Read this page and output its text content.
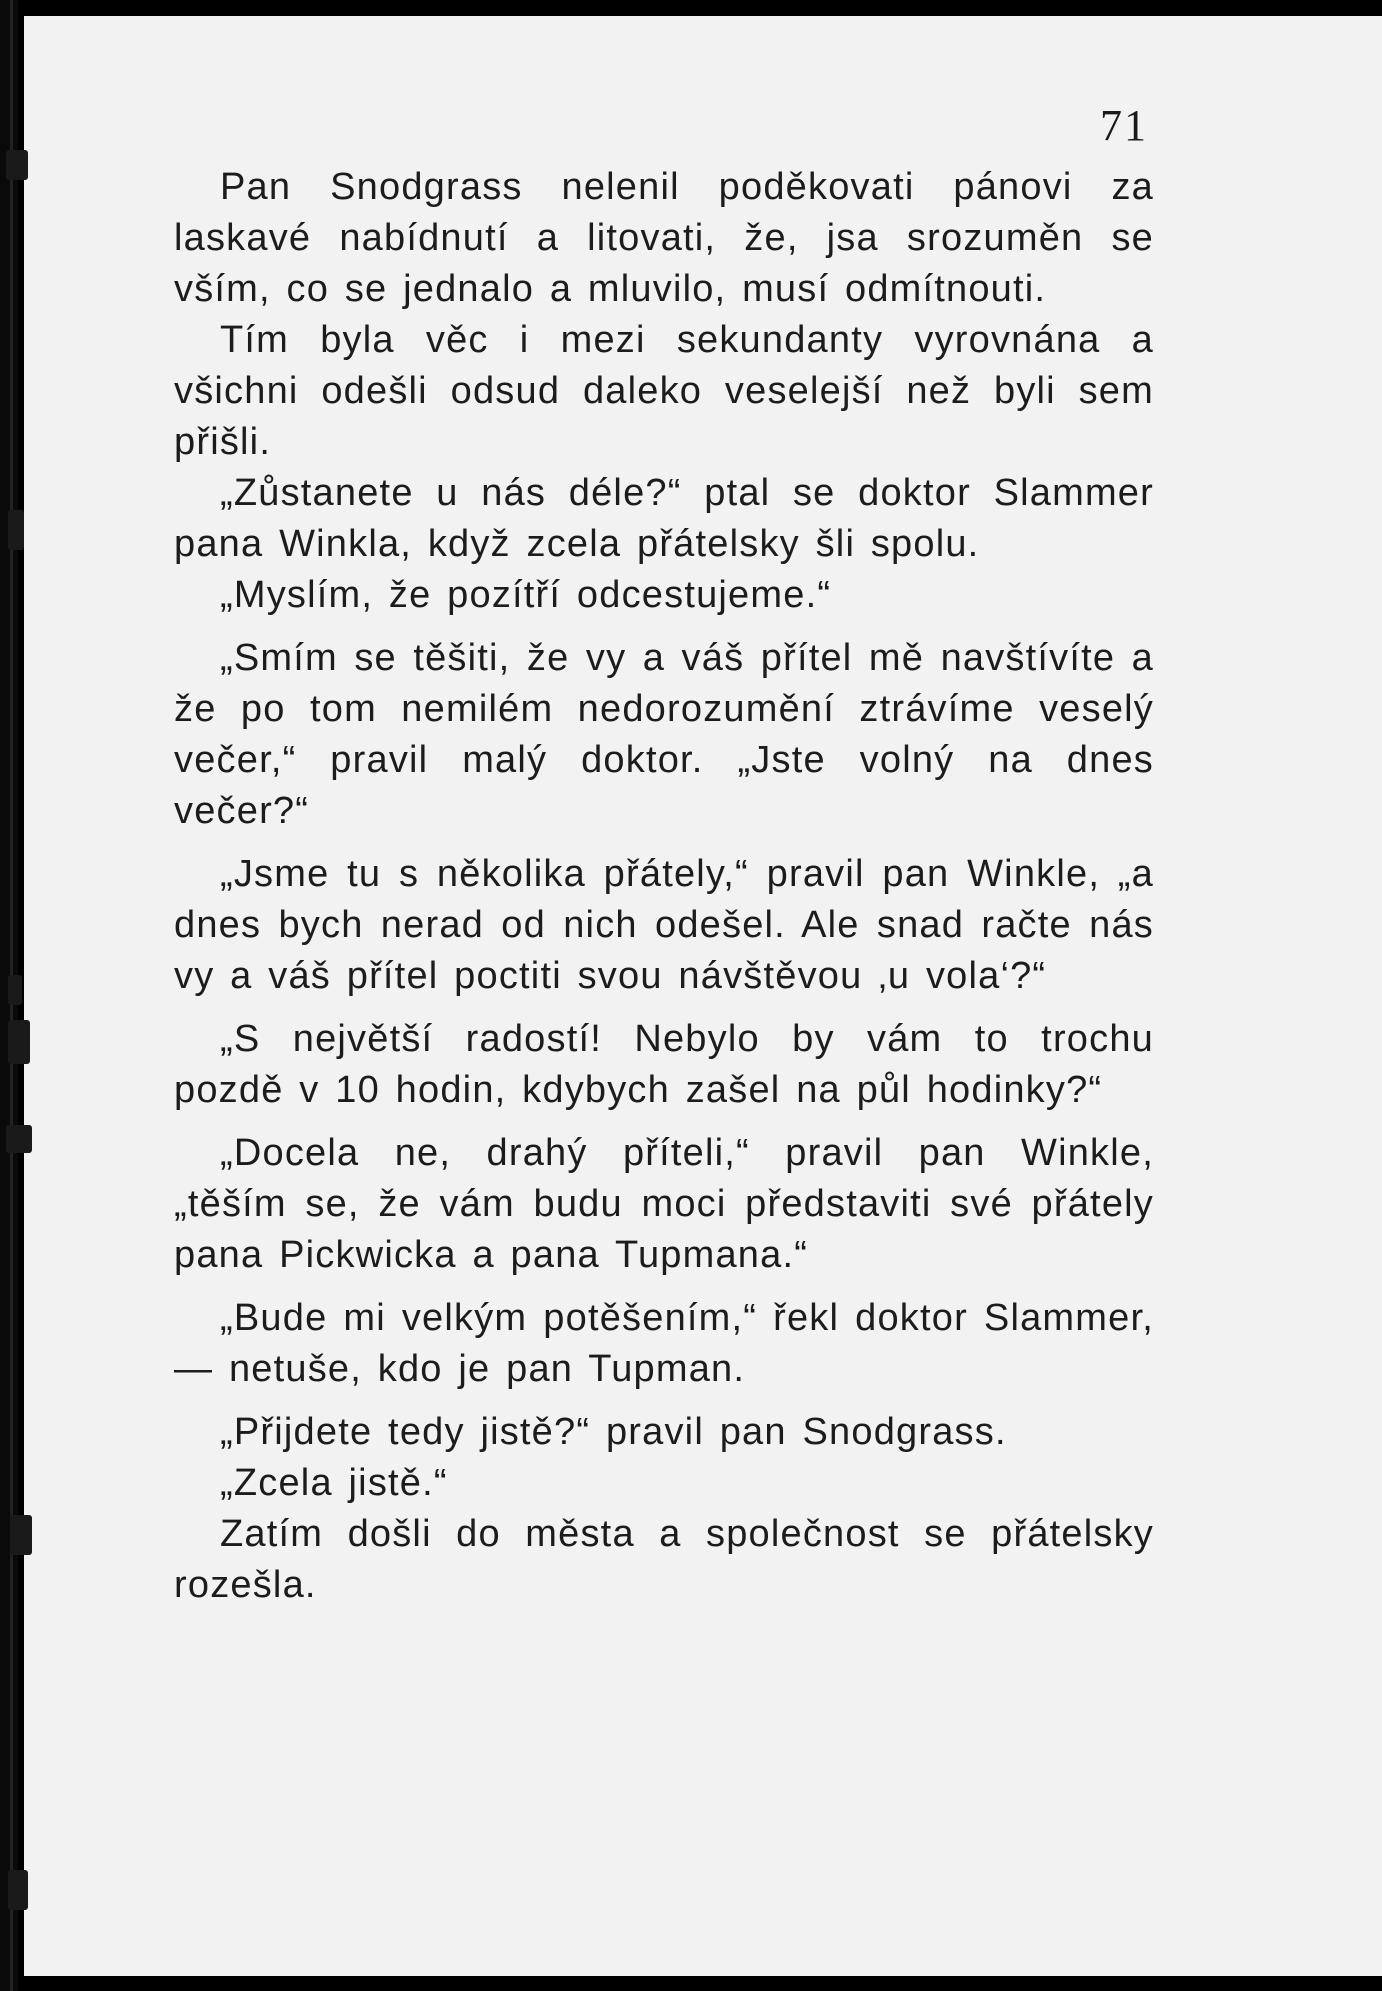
71

Pan Snodgrass nelenil poděkovati pánovi za laskavé nabídnutí a litovati, že, jsa srozuměn se vším, co se jednalo a mluvilo, musí odmítnouti.

Tím byla věc i mezi sekundanty vyrovnána a všichni odešli odsud daleko veselejší než byli sem přišli.

„Zůstanete u nás déle?“ ptal se doktor Slammer pana Winkla, když zcela přátelsky šli spolu.

„Myslím, že pozítří odcestujeme.“

„Smím se těšiti, že vy a váš přítel mě navštívíte a že po tom nemilém nedorozumění ztrávíme veselý večer,“ pravil malý doktor. „Jste volný na dnes večer?“

„Jsme tu s několika přátely,“ pravil pan Winkle, „a dnes bych nerad od nich odešel. Ale snad račte nás vy a váš přítel poctiti svou návštěvou ‚u vola‘?“

„S největší radostí! Nebylo by vám to trochu pozdě v 10 hodin, kdybych zašel na půl hodinky?“

„Docela ne, drahý příteli,“ pravil pan Winkle, „těším se, že vám budu moci představiti své přátely pana Pickwicka a pana Tupmana.“

„Bude mi velkým potěšením,“ řekl doktor Slammer, — netuše, kdo je pan Tupman.

„Přijdete tedy jistě?“ pravil pan Snodgrass.

„Zcela jistě.“

Zatím došli do města a společnost se přátelsky rozešla.
